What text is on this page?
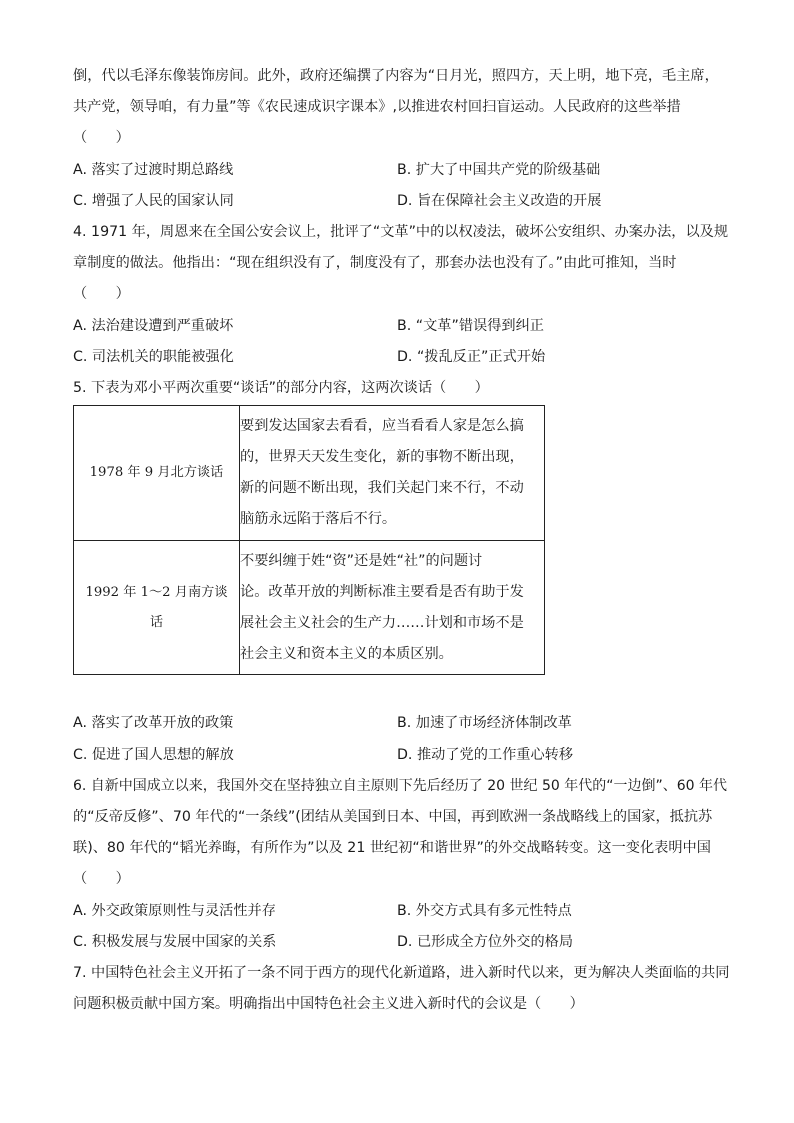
倒，代以毛泽东像装饰房间。此外，政府还编撰了内容为“日月光，照四方，天上明，地下亮，毛主席，
共产党，领导咱，有力量”等《农民速成识字课本》,以推进农村回扫盲运动。人民政府的这些举措
（　　）
A. 落实了过渡时期总路线	B. 扩大了中国共产党的阶级基础
C. 增强了人民的国家认同	D. 旨在保障社会主义改造的开展
4. 1971 年，周恩来在全国公安会议上，批评了“文革”中的以权凌法，破坏公安组织、办案办法，以及规
章制度的做法。他指出：“现在组织没有了，制度没有了，那套办法也没有了。”由此可推知，当时
（　　）
A. 法治建设遭到严重破坏	B. “文革”错误得到纠正
C. 司法机关的职能被强化	D. “拨乱反正”正式开始
5. 下表为邓小平两次重要“谈话”的部分内容，这两次谈话（　　）
1978 年 9 月北方谈话	要到发达国家去看看，应当看看人家是怎么搞
的，世界天天发生变化，新的事物不断出现，
新的问题不断出现，我们关起门来不行，不动
脑筋永远陷于落后不行。

1992 年 1～2 月南方谈
话	不要纠缠于姓“资”还是姓“社”的问题讨
论。改革开放的判断标准主要看是否有助于发
展社会主义社会的生产力……计划和市场不是
社会主义和资本主义的本质区别。
A. 落实了改革开放的政策	B. 加速了市场经济体制改革
C. 促进了国人思想的解放	D. 推动了党的工作重心转移
6. 自新中国成立以来，我国外交在坚持独立自主原则下先后经历了 20 世纪 50 年代的“一边倒”、60 年代
的“反帝反修”、70 年代的“一条线”(团结从美国到日本、中国，再到欧洲一条战略线上的国家，抵抗苏
联)、80 年代的“韬光养晦，有所作为”以及 21 世纪初“和谐世界”的外交战略转变。这一变化表明中国
（　　）
A. 外交政策原则性与灵活性并存	B. 外交方式具有多元性特点
C. 积极发展与发展中国家的关系	D. 已形成全方位外交的格局
7. 中国特色社会主义开拓了一条不同于西方的现代化新道路，进入新时代以来，更为解决人类面临的共同
问题积极贡献中国方案。明确指出中国特色社会主义进入新时代的会议是（　　）
